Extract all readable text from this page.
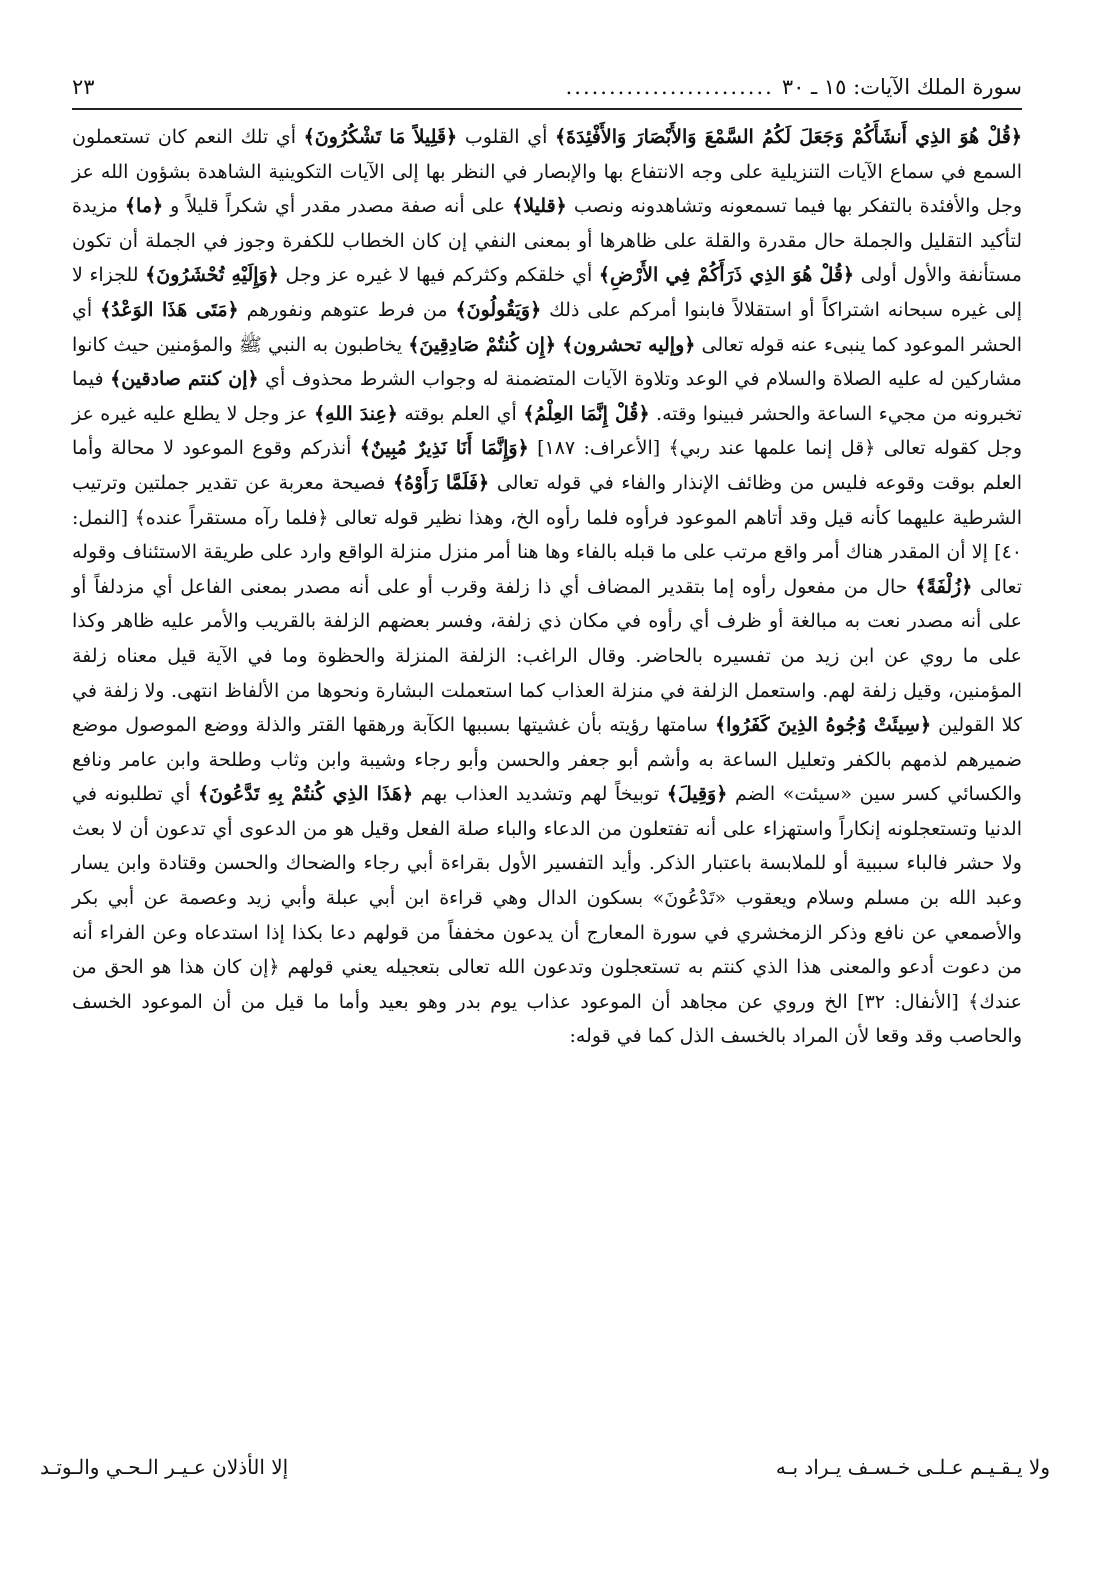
سورة الملك الآيات: ١٥ ـ ٣٠
........................
٢٣

﴿قُلْ هُوَ الذِي أَنشَأَكُمْ وَجَعَلَ لَكُمُ السَّمْعَ وَالأَبْصَارَ وَالأَفْئِدَةَ﴾ أي القلوب ﴿قَلِيلاً مَا تَشْكُرُونَ﴾ أي تلك النعم كان تستعملون السمع في سماع الآيات التنزيلية على وجه الانتفاع بها والإبصار في النظر بها إلى الآيات التكوينية الشاهدة بشؤون الله عز وجل والأفئدة بالتفكر بها فيما تسمعونه وتشاهدونه ونصب ﴿قليلا﴾ على أنه صفة مصدر مقدر أي شكراً قليلاً و ﴿ما﴾ مزيدة لتأكيد التقليل والجملة حال مقدرة والقلة على ظاهرها أو بمعنى النفي إن كان الخطاب للكفرة وجوز في الجملة أن تكون مستأنفة والأول أولى ﴿قُلْ هُوَ الذِي ذَرَأَكُمْ فِي الأَرْضِ﴾ أي خلقكم وكثركم فيها لا غيره عز وجل ﴿وَإِلَيْهِ تُحْشَرُونَ﴾ للجزاء لا إلى غيره سبحانه اشتراكاً أو استقلالاً فابنوا أمركم على ذلك ﴿وَيَقُولُونَ﴾ من فرط عتوهم ونفورهم ﴿مَتَى هَذَا الوَعْدُ﴾ أي الحشر الموعود كما ينبىء عنه قوله تعالى ﴿وإليه تحشرون﴾ ﴿إِن كُنتُمْ صَادِقِينَ﴾ يخاطبون به النبي ﷺ والمؤمنين حيث كانوا مشاركين له عليه الصلاة والسلام في الوعد وتلاوة الآيات المتضمنة له وجواب الشرط محذوف أي ﴿إن كنتم صادقين﴾ فيما تخبرونه من مجيء الساعة والحشر فبينوا وقته. ﴿قُلْ إِنَّمَا العِلْمُ﴾ أي العلم بوقته ﴿عِندَ اللهِ﴾ عز وجل لا يطلع عليه غيره عز وجل كقوله تعالى ﴿قل إنما علمها عند ربي﴾ [الأعراف: ١٨٧] ﴿وَإِنَّمَا أَنَا نَذِيرٌ مُبِينٌ﴾ أنذركم وقوع الموعود لا محالة وأما العلم بوقت وقوعه فليس من وظائف الإنذار والفاء في قوله تعالى ﴿فَلَمَّا رَأَوْهُ﴾ فصيحة معربة عن تقدير جملتين وترتيب الشرطية عليهما كأنه قيل وقد أتاهم الموعود فرأوه فلما رأوه الخ، وهذا نظير قوله تعالى ﴿فلما رآه مستقراً عنده﴾ [النمل: ٤٠] إلا أن المقدر هناك أمر واقع مرتب على ما قبله بالفاء وها هنا أمر منزل منزلة الواقع وارد على طريقة الاستئناف وقوله تعالى ﴿زُلْفَةً﴾ حال من مفعول رأوه إما بتقدير المضاف أي ذا زلفة وقرب أو على أنه مصدر بمعنى الفاعل أي مزدلفاً أو على أنه مصدر نعت به مبالغة أو ظرف أي رأوه في مكان ذي زلفة، وفسر بعضهم الزلفة بالقريب والأمر عليه ظاهر وكذا على ما روي عن ابن زيد من تفسيره بالحاضر. وقال الراغب: الزلفة المنزلة والحظوة وما في الآية قيل معناه زلفة المؤمنين، وقيل زلفة لهم. واستعمل الزلفة في منزلة العذاب كما استعملت البشارة ونحوها من الألفاظ انتهى. ولا زلفة في كلا القولين ﴿سِيئَتْ وُجُوهُ الذِينَ كَفَرُوا﴾ سامتها رؤيته بأن غشيتها بسببها الكآبة ورهقها القتر والذلة ووضع الموصول موضع ضميرهم لذمهم بالكفر وتعليل الساعة به وأشم أبو جعفر والحسن وأبو رجاء وشيبة وابن وثاب وطلحة وابن عامر ونافع والكسائي كسر سين «سيئت» الضم ﴿وَقِيلَ﴾ توبيخاً لهم وتشديد العذاب بهم ﴿هَذَا الذِي كُنتُمْ بِهِ تَدَّعُونَ﴾ أي تطلبونه في الدنيا وتستعجلونه إنكاراً واستهزاء على أنه تفتعلون من الدعاء والباء صلة الفعل وقيل هو من الدعوى أي تدعون أن لا بعث ولا حشر فالباء سببية أو للملابسة باعتبار الذكر. وأيد التفسير الأول بقراءة أبي رجاء والضحاك والحسن وقتادة وابن يسار وعبد الله بن مسلم وسلام ويعقوب «تَدْعُونَ» بسكون الدال وهي قراءة ابن أبي عبلة وأبي زيد وعصمة عن أبي بكر والأصمعي عن نافع وذكر الزمخشري في سورة المعارج أن يدعون مخففاً من قولهم دعا بكذا إذا استدعاه وعن الفراء أنه من دعوت أدعو والمعنى هذا الذي كنتم به تستعجلون وتدعون الله تعالى بتعجيله يعني قولهم ﴿إن كان هذا هو الحق من عندك﴾ [الأنفال: ٣٢] الخ وروي عن مجاهد أن الموعود عذاب يوم بدر وهو بعيد وأما ما قيل من أن الموعود الخسف والحاصب وقد وقعا لأن المراد بالخسف الذل كما في قوله:

ولا يـقـيـم عـلـى خـسـف يـراد بـه
إلا الأذلان عـيـر الـحـي والـوتـد
